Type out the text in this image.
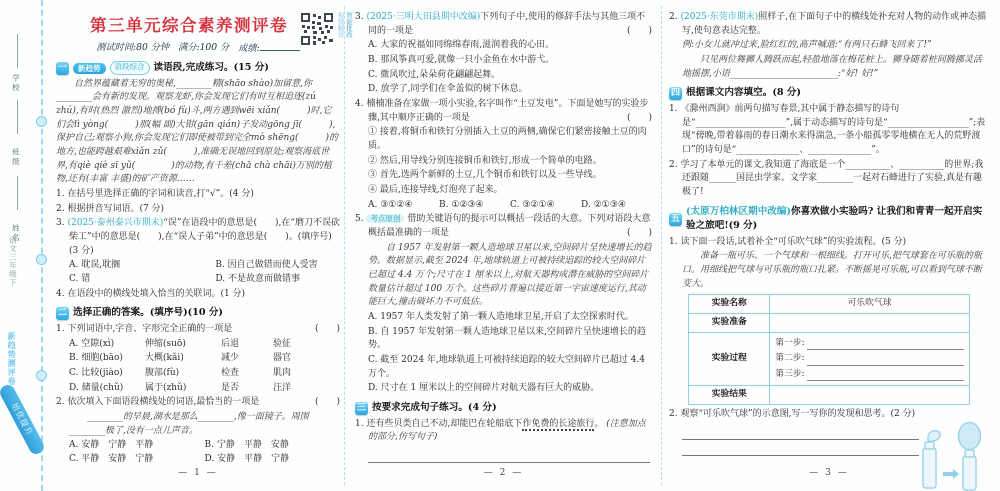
学校
班级
姓名
语文三年级下
新趋势测评卷
培优提升
视频精讲 智能批改
第三单元综合素养测评卷
测试时间:80 分钟 满分:100 分 成绩:
一	新趋势	语段综合 读语段,完成练习。(15 分)
自然界蕴藏着无穷的奥秘,________精(shāo shào)加留意,你________会有新的发现。观察龙虾,你会发现它们有时互相追逐(zú zhú),有时(热烈 激烈)地搏(bó fù)斗,两方遇到wēi xiǎn(　　　)时,它们会lì yòng(　　　)那(幅 副)大钳(gān qián)子发动gōng jī(　　　),保护自己;观察小狗,你会发现它们即使被带到完全mò shēng(　　　)的地方,也能跨越艰难xiǎn zǔ(　　　),准确无误地回到原处;观察海底世界,有qiè qiè sī yǔ(　　　　)的动物,有千差(chā chà chāi)万别的植物,还有(丰富 丰盛)的矿产资源……
1. 在括号里选择正确的字词和读音,打“√”。(4 分)
2. 根据拼音写词语。(7 分)
3. (2025·泰州泰兴市期末)“误”在语段中的意思是(　　),在“磨刀不误砍柴工”中的意思是(　　),在“误人子弟”中的意思是(　　)。(填序号)(3 分)
A. 耽误,耽搁	B. 因自己做错而使人受害
C. 错	D. 不是故意而做错事
4. 在语段中的横线处填入恰当的关联词。(1 分)
二 选择正确的答案。(填序号)(10 分)
1. 下列词语中,字音、字形完全正确的一项是	(　　)
A. 空隙(xì)	伸缩(suō)	后退	验征
B. 细胞(bāo)	大概(kǎi)	减少	器官
C. 比较(jiào)	腹部(fù)	检查	肌肉
D. 储量(chǔ)	属于(zhǔ)	是否	汪洋
2. 依次填入下面语段横线处的词语,最恰当的一项是	(　　)
________的早晨,湖水是那么________,像一面镜子。周围________极了,没有一点儿声音。
A. 安静　宁静　平静	B. 宁静　平静　安静
C. 平静　安静　宁静	D. 安静　平静　宁静
— 1 —
3. (2025·三明大田县期中改编)下列句子中,使用的修辞手法与其他三项不同的一项是	(　　)
A. 大家的祝福如同绵绵春雨,滋润着我的心田。
B. 那风筝真可爱,就像一只小金鱼在水中游弋。
C. 微风吹过,朵朵荷花翩翩起舞。
D. 放学了,同学们在伞盖似的树下休息。
4. 楠楠准备在家做一项小实验,名字叫作“土豆发电”。下面是她写的实验步骤,其中顺序正确的一项是	(　　)
① 接着,将铜币和铁钉分别插入土豆的两侧,确保它们紧密接触土豆的肉质。
② 然后,用导线分别连接铜币和铁钉,形成一个简单的电路。
③ 首先,选两个新鲜的土豆,几个铜币和铁钉以及一些导线。
④ 最后,连接导线,灯泡亮了起来。
A. ③①②④	B. ①②③④	C. ③②①④	D. ②①③④
5. 考点原创 借助关键语句的提示可以概括一段话的大意。下列对语段大意概括最准确的一项是	(　　)
自 1957 年发射第一颗人造地球卫星以来,空间碎片呈快速增长的趋势。数据显示,截至 2024 年,地球轨道上可被持续追踪的较大空间碎片已超过 4.4 万个;尺寸在 1 厘米以上,对航天器构成潜在威胁的空间碎片数量估计超过 100 万个。这些碎片普遍以接近第一宇宙速度运行,其动能巨大,撞击破坏力不可低估。
A. 1957 年人类发射了第一颗人造地球卫星,开启了太空探索时代。
B. 自 1957 年发射第一颗人造地球卫星以来,空间碎片呈快速增长的趋势。
C. 截至 2024 年,地球轨道上可被持续追踪的较大空间碎片已超过 4.4 万个。
D. 尺寸在 1 厘米以上的空间碎片对航天器有巨大的威胁。
三 按要求完成句子练习。(4 分)
1. 还有些贝类自己不动,却能巴在轮船底下作免费的长途旅行。 (注意加点的部分,仿写句子)
— 2 —
2. (2025·东莞市期末)照样子,在下面句子中的横线处补充对人物的动作或神态描写,使句意表达完整。
例:小女儿就冲过来,脸红红的,高声喊道:“有两只石蜂飞回来了!”
只见两位舞狮人腾跃而起,轻盈地落在梅花桩上。狮身随着桩间腾挪灵活地摇摆,小语________________________:“好! 好!”
四 根据课文内容填空。(8 分)
1. 《滁州西涧》前两句描写春景,其中属于静态描写的诗句是“____________________”,属于动态描写的诗句是“__________________”;表现“傍晚,带着暮雨的春日潮水来得湍急,一条小船孤零零地横在无人的荒野渡口”的诗句是“______________、______________”。
2. 学习了本单元的课文,我知道了海底是一个__________、__________的世界;我还跟随______国昆虫学家、文学家________一起对石蜂进行了实验,真是有趣极了!
五
(太原万柏林区期中改编)你喜欢做小实验吗? 让我们和青青一起开启实验之旅吧!(9 分)
1. 读下面一段话,试着补全“可乐吹气球”的实验流程。(5 分)
准备一瓶可乐、一个气球和一根细线。打开可乐,把气球套在可乐瓶的瓶口。用细线把气球与可乐瓶的瓶口扎紧。不断摇晃可乐瓶,可以看到气球不断变大。
实验名称	可乐吹气球
实验准备	
实验过程	第一步:
第二步:
第三步:

实验结果	
2. 观察“可乐吹气球”的示意图,写一写你的发现和思考。(2 分)
— 3 —
